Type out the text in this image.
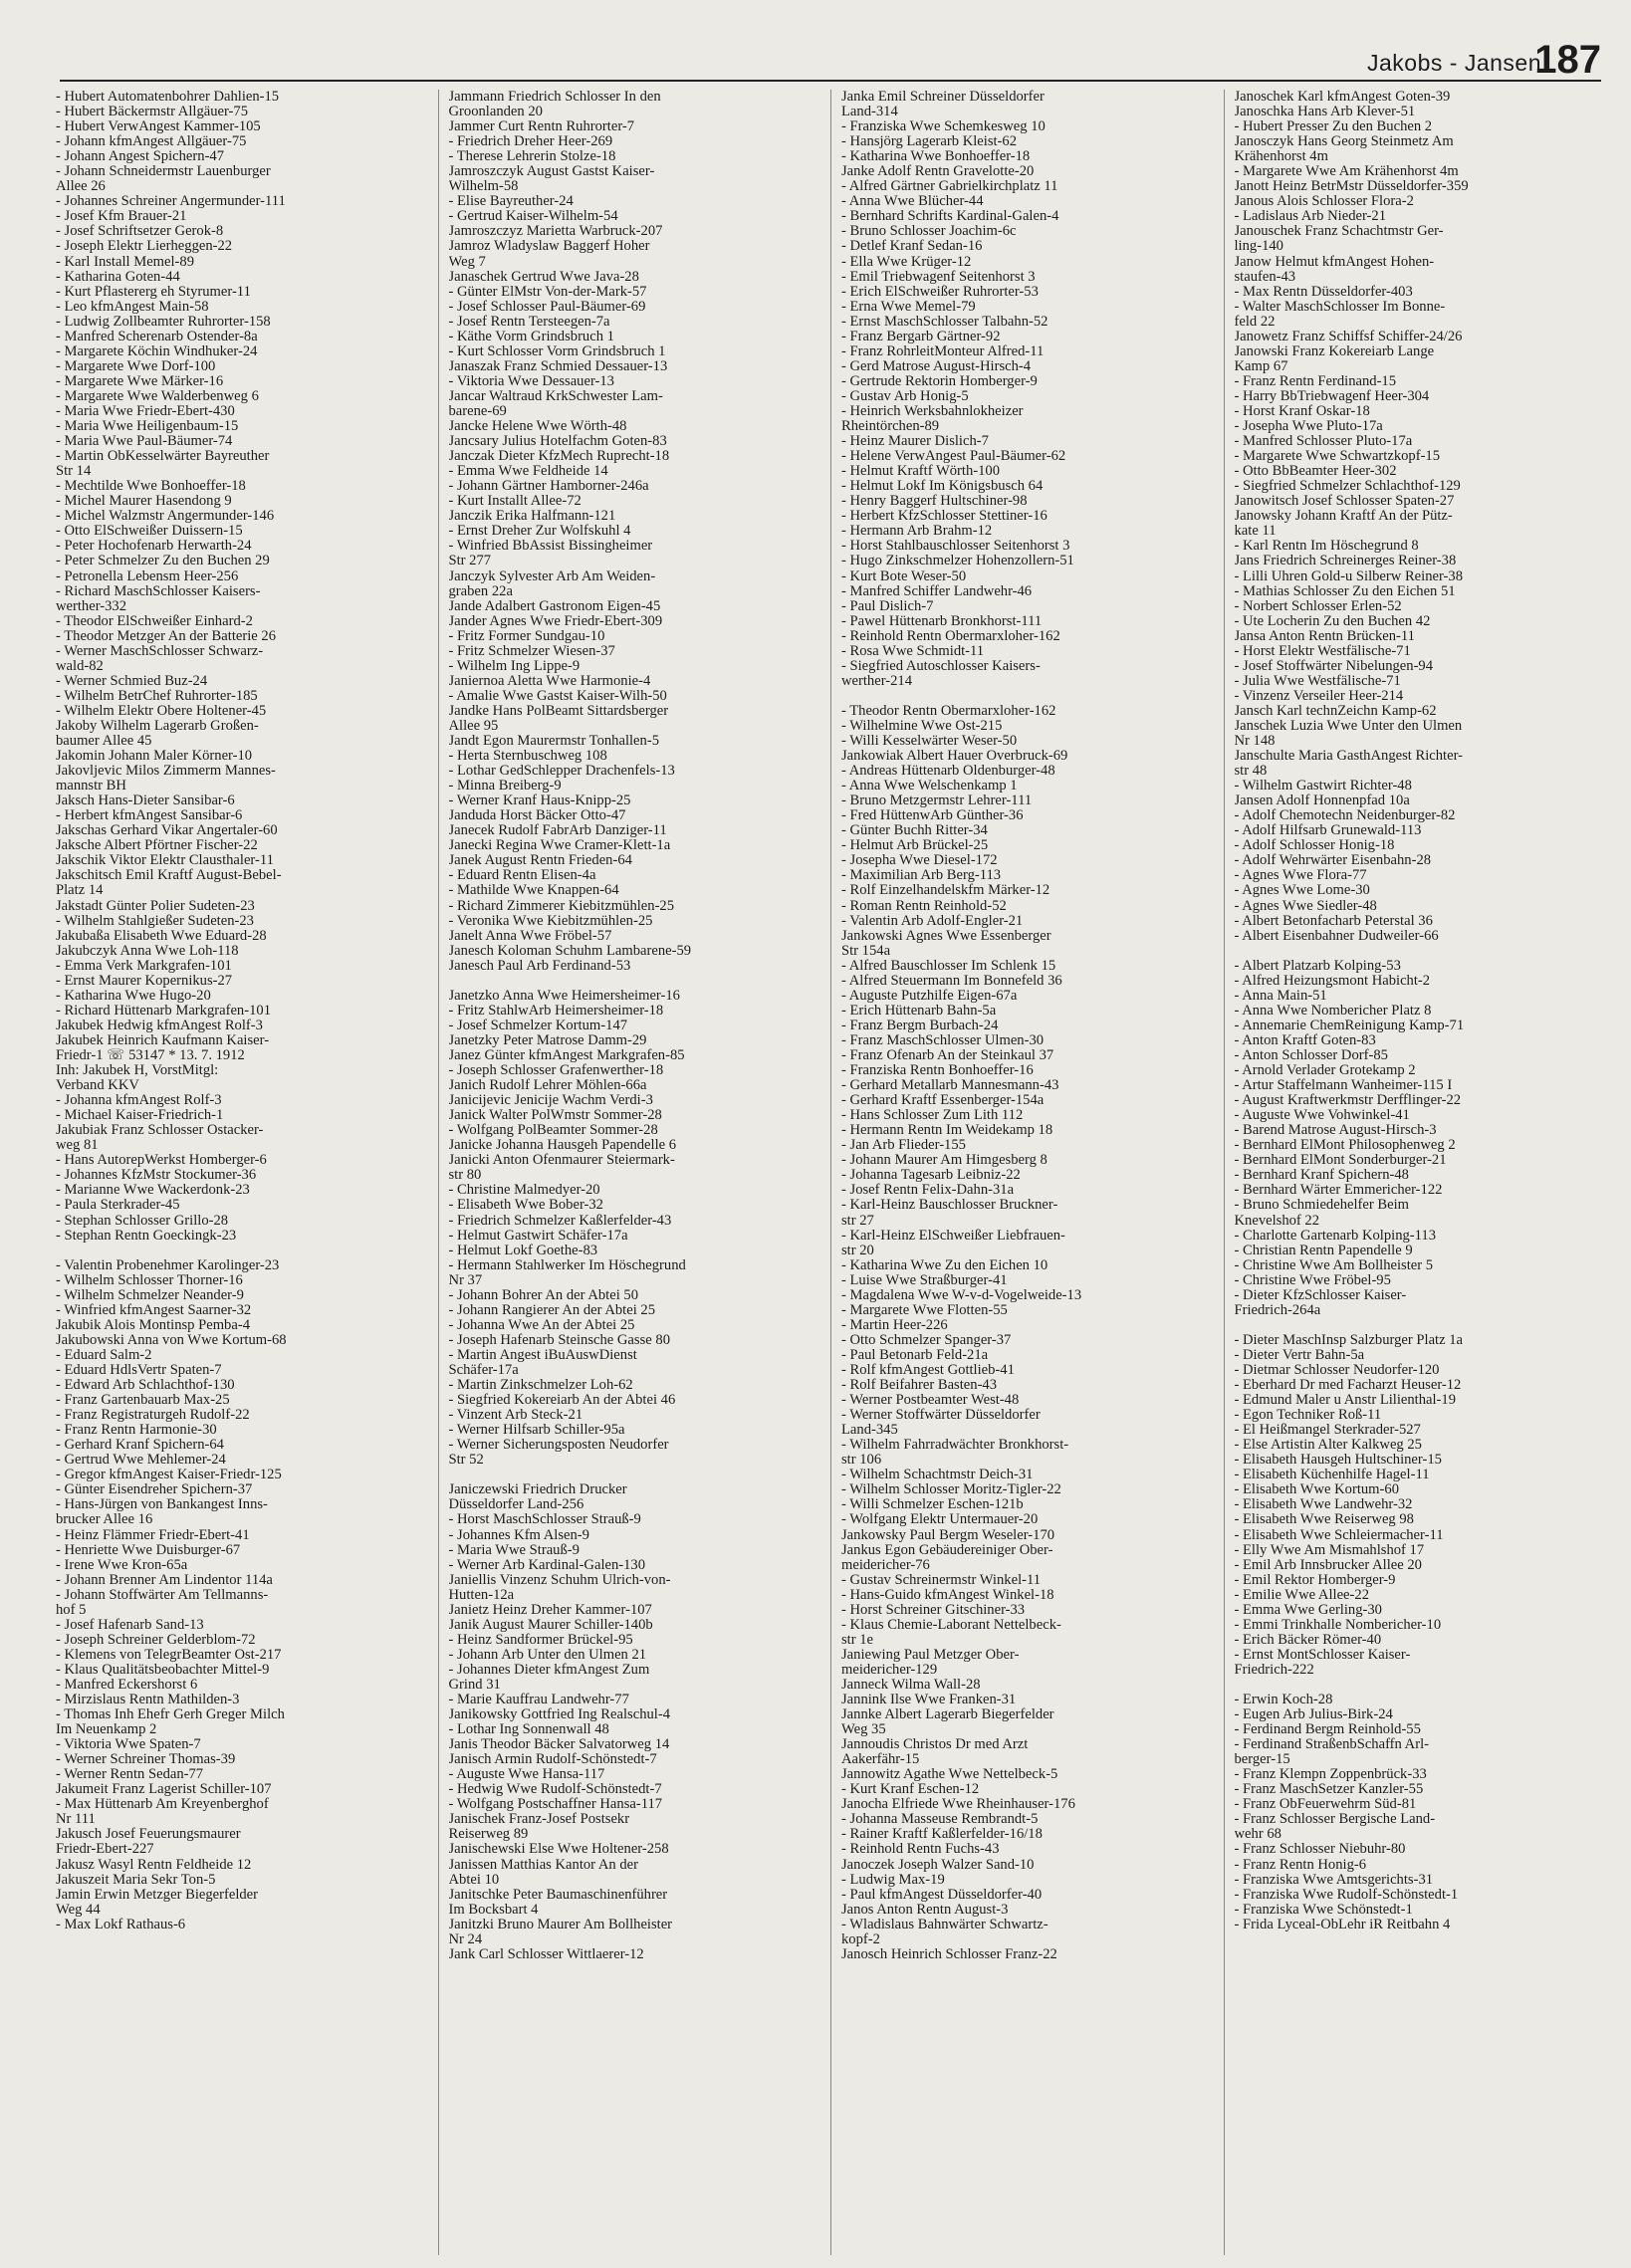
Jakobs - Jansen
187
- Hubert Automatenbohrer Dahlien-15
- Hubert Bäckermstr Allgäuer-75
- Hubert VerwAngest Kammer-105
- Johann kfmAngest Allgäuer-75
- Johann Angest Spichern-47
- Johann Schneidermstr Lauenburger
Allee 26
- Johannes Schreiner Angermunder-111
- Josef Kfm Brauer-21
- Josef Schriftsetzer Gerok-8
- Joseph Elektr Lierheggen-22
- Karl Install Memel-89
- Katharina Goten-44
- Kurt Pflastererg eh Styrumer-11
- Leo kfmAngest Main-58
- Ludwig Zollbeamter Ruhrorter-158
- Manfred Scherenarb Ostender-8a
- Margarete Köchin Windhuker-24
- Margarete Wwe Dorf-100
- Margarete Wwe Märker-16
- Margarete Wwe Walderbenweg 6
- Maria Wwe Friedr-Ebert-430
- Maria Wwe Heiligenbaum-15
- Maria Wwe Paul-Bäumer-74
- Martin ObKesselwärter Bayreuther
Str 14
- Mechtilde Wwe Bonhoeffer-18
- Michel Maurer Hasendong 9
- Michel Walzmstr Angermunder-146
- Otto ElSchweißer Duissern-15
- Peter Hochofenarb Herwarth-24
- Peter Schmelzer Zu den Buchen 29
- Petronella Lebensm Heer-256
- Richard MaschSchlosser Kaisers-
werther-332
- Theodor ElSchweißer Einhard-2
- Theodor Metzger An der Batterie 26
- Werner MaschSchlosser Schwarz-
wald-82
- Werner Schmied Buz-24
- Wilhelm BetrChef Ruhrorter-185
- Wilhelm Elektr Obere Holtener-45
Jakoby Wilhelm Lagerarb Großen-
baumer Allee 45
Jakomin Johann Maler Körner-10
Jakovljevic Milos Zimmerm Mannes-
mannstr BH
Jaksch Hans-Dieter Sansibar-6
- Herbert kfmAngest Sansibar-6
Jakschas Gerhard Vikar Angertaler-60
Jaksche Albert Pförtner Fischer-22
Jakschik Viktor Elektr Clausthaler-11
Jakschitsch Emil Kraftf August-Bebel-
Platz 14
Jakstadt Günter Polier Sudeten-23
- Wilhelm Stahlgießer Sudeten-23
Jakubaßa Elisabeth Wwe Eduard-28
Jakubczyk Anna Wwe Loh-118
- Emma Verk Markgrafen-101
- Ernst Maurer Kopernikus-27
- Katharina Wwe Hugo-20
- Richard Hüttenarb Markgrafen-101
Jakubek Hedwig kfmAngest Rolf-3
Jakubek Heinrich Kaufmann Kaiser-
Friedr-1 ☏ 53147 * 13. 7. 1912
Inh: Jakubek H, VorstMitgl:
Verband KKV
- Johanna kfmAngest Rolf-3
- Michael Kaiser-Friedrich-1
Jakubiak Franz Schlosser Ostacker-
weg 81
- Hans AutorepWerkst Homberger-6
- Johannes KfzMstr Stockumer-36
- Marianne Wwe Wackerdonk-23
- Paula Sterkrader-45
- Stephan Schlosser Grillo-28
- Stephan Rentn Goeckingk-23
- Valentin Probenehmer Karolinger-23
- Wilhelm Schlosser Thorner-16
- Wilhelm Schmelzer Neander-9
- Winfried kfmAngest Saarner-32
Jakubik Alois Montinsp Pemba-4
Jakubowski Anna von Wwe Kortum-68
- Eduard Salm-2
- Eduard HdlsVertr Spaten-7
- Edward Arb Schlachthof-130
- Franz Gartenbauarb Max-25
- Franz Registraturgeh Rudolf-22
- Franz Rentn Harmonie-30
- Gerhard Kranf Spichern-64
- Gertrud Wwe Mehlemer-24
- Gregor kfmAngest Kaiser-Friedr-125
- Günter Eisendreher Spichern-37
- Hans-Jürgen von Bankangest Inns-
brucker Allee 16
- Heinz Flämmer Friedr-Ebert-41
- Henriette Wwe Duisburger-67
- Irene Wwe Kron-65a
- Johann Brenner Am Lindentor 114a
- Johann Stoffwärter Am Tellmanns-
hof 5
- Josef Hafenarb Sand-13
- Joseph Schreiner Gelderblom-72
- Klemens von TelegrBeamter Ost-217
- Klaus Qualitätsbeobachter Mittel-9
- Manfred Eckershorst 6
- Mirzislaus Rentn Mathilden-3
- Thomas Inh Ehefr Gerh Greger Milch
Im Neuenkamp 2
- Viktoria Wwe Spaten-7
- Werner Schreiner Thomas-39
- Werner Rentn Sedan-77
Jakumeit Franz Lagerist Schiller-107
- Max Hüttenarb Am Kreyenberghof
Nr 111
Jakusch Josef Feuerungsmaurer
Friedr-Ebert-227
Jakusz Wasyl Rentn Feldheide 12
Jakuszeit Maria Sekr Ton-5
Jamin Erwin Metzger Biegerfelder
Weg 44
- Max Lokf Rathaus-6
Jammann Friedrich Schlosser In den
Groonlanden 20
Jammer Curt Rentn Ruhrorter-7
- Friedrich Dreher Heer-269
- Therese Lehrerin Stolze-18
Jamroszczyk August Gastst Kaiser-
Wilhelm-58
- Elise Bayreuther-24
- Gertrud Kaiser-Wilhelm-54
Jamroszczyz Marietta Warbruck-207
Jamroz Wladyslaw Baggerf Hoher
Weg 7
Janaschek Gertrud Wwe Java-28
- Günter ElMstr Von-der-Mark-57
- Josef Schlosser Paul-Bäumer-69
- Josef Rentn Tersteegen-7a
- Käthe Vorm Grindsbruch 1
- Kurt Schlosser Vorm Grindsbruch 1
Janaszak Franz Schmied Dessauer-13
- Viktoria Wwe Dessauer-13
Jancar Waltraud KrkSchwester Lam-
barene-69
Jancke Helene Wwe Wörth-48
Jancsary Julius Hotelfachm Goten-83
Janczak Dieter KfzMech Ruprecht-18
- Emma Wwe Feldheide 14
- Johann Gärtner Hamborner-246a
- Kurt Installt Allee-72
Janczik Erika Halfmann-121
- Ernst Dreher Zur Wolfskuhl 4
- Winfried BbAssist Bissingheimer
Str 277
Janczyk Sylvester Arb Am Weiden-
graben 22a
Jande Adalbert Gastronom Eigen-45
Jander Agnes Wwe Friedr-Ebert-309
- Fritz Former Sundgau-10
- Fritz Schmelzer Wiesen-37
- Wilhelm Ing Lippe-9
Janiernoa Aletta Wwe Harmonie-4
- Amalie Wwe Gastst Kaiser-Wilh-50
Jandke Hans PolBeamt Sittardsberger
Allee 95
Jandt Egon Maurermstr Tonhallen-5
- Herta Sternbuschweg 108
- Lothar GedSchlepper Drachenfels-13
- Minna Breiberg-9
- Werner Kranf Haus-Knipp-25
Janduda Horst Bäcker Otto-47
Janecek Rudolf FabrArb Danziger-11
Janecki Regina Wwe Cramer-Klett-1a
Janek August Rentn Frieden-64
- Eduard Rentn Elisen-4a
- Mathilde Wwe Knappen-64
- Richard Zimmerer Kiebitzmühlen-25
- Veronika Wwe Kiebitzmühlen-25
Janelt Anna Wwe Fröbel-57
Janesch Koloman Schuhm Lambarene-59
Janesch Paul Arb Ferdinand-53
Janetzko Anna Wwe Heimersheimer-16
- Fritz StahlwArb Heimersheimer-18
- Josef Schmelzer Kortum-147
Janetzky Peter Matrose Damm-29
Janez Günter kfmAngest Markgrafen-85
- Joseph Schlosser Grafenwerther-18
Janich Rudolf Lehrer Möhlen-66a
Janicijevic Jenicije Wachm Verdi-3
Janick Walter PolWmstr Sommer-28
- Wolfgang PolBeamter Sommer-28
Janicke Johanna Hausgeh Papendelle 6
Janicki Anton Ofenmaurer Steiermark-
str 80
- Christine Malmedyer-20
- Elisabeth Wwe Bober-32
- Friedrich Schmelzer Kaßlerfelder-43
- Helmut Gastwirt Schäfer-17a
- Helmut Lokf Goethe-83
- Hermann Stahlwerker Im Höschegrund
Nr 37
- Johann Bohrer An der Abtei 50
- Johann Rangierer An der Abtei 25
- Johanna Wwe An der Abtei 25
- Joseph Hafenarb Steinsche Gasse 80
- Martin Angest iBuAuswDienst
Schäfer-17a
- Martin Zinkschmelzer Loh-62
- Siegfried Kokereiarb An der Abtei 46
- Vinzent Arb Steck-21
- Werner Hilfsarb Schiller-95a
- Werner Sicherungsposten Neudorfer
Str 52
Janiczewski Friedrich Drucker
Düsseldorfer Land-256
- Horst MaschSchlosser Strauß-9
- Johannes Kfm Alsen-9
- Maria Wwe Strauß-9
- Werner Arb Kardinal-Galen-130
Janiellis Vinzenz Schuhm Ulrich-von-
Hutten-12a
Janietz Heinz Dreher Kammer-107
Janik August Maurer Schiller-140b
- Heinz Sandformer Brückel-95
- Johann Arb Unter den Ulmen 21
- Johannes Dieter kfmAngest Zum
Grind 31
- Marie Kauffrau Landwehr-77
Janikowsky Gottfried Ing Realschul-4
- Lothar Ing Sonnenwall 48
Janis Theodor Bäcker Salvatorweg 14
Janisch Armin Rudolf-Schönstedt-7
- Auguste Wwe Hansa-117
- Hedwig Wwe Rudolf-Schönstedt-7
- Wolfgang Postschaffner Hansa-117
Janischek Franz-Josef Postsekr
Reiserweg 89
Janischewski Else Wwe Holtener-258
Janissen Matthias Kantor An der
Abtei 10
Janitschke Peter Baumaschinenführer
Im Bocksbart 4
Janitzki Bruno Maurer Am Bollheister
Nr 24
Jank Carl Schlosser Wittlaerer-12
Janka Emil Schreiner Düsseldorfer
Land-314
- Franziska Wwe Schemkesweg 10
- Hansjörg Lagerarb Kleist-62
- Katharina Wwe Bonhoeffer-18
Janke Adolf Rentn Gravelotte-20
- Alfred Gärtner Gabrielkirchplatz 11
- Anna Wwe Blücher-44
- Bernhard Schrifts Kardinal-Galen-4
- Bruno Schlosser Joachim-6c
- Detlef Kranf Sedan-16
- Ella Wwe Krüger-12
- Emil Triebwagenf Seitenhorst 3
- Erich ElSchweißer Ruhrorter-53
- Erna Wwe Memel-79
- Ernst MaschSchlosser Talbahn-52
- Franz Bergarb Gärtner-92
- Franz RohrleitMonteur Alfred-11
- Gerd Matrose August-Hirsch-4
- Gertrude Rektorin Homberger-9
- Gustav Arb Honig-5
- Heinrich Werksbahnlokheizer
Rheintörchen-89
- Heinz Maurer Dislich-7
- Helene VerwAngest Paul-Bäumer-62
- Helmut Kraftf Wörth-100
- Helmut Lokf Im Königsbusch 64
- Henry Baggerf Hultschiner-98
- Herbert KfzSchlosser Stettiner-16
- Hermann Arb Brahm-12
- Horst Stahlbauschlosser Seitenhorst 3
- Hugo Zinkschmelzer Hohenzollern-51
- Kurt Bote Weser-50
- Manfred Schiffer Landwehr-46
- Paul Dislich-7
- Pawel Hüttenarb Bronkhorst-111
- Reinhold Rentn Obermarxloher-162
- Rosa Wwe Schmidt-11
- Siegfried Autoschlosser Kaisers-
werther-214
- Theodor Rentn Obermarxloher-162
- Wilhelmine Wwe Ost-215
- Willi Kesselwärter Weser-50
Jankowiak Albert Hauer Overbruck-69
- Andreas Hüttenarb Oldenburger-48
- Anna Wwe Welschenkamp 1
- Bruno Metzgermstr Lehrer-111
- Fred HüttenwArb Günther-36
- Günter Buchh Ritter-34
- Helmut Arb Brückel-25
- Josepha Wwe Diesel-172
- Maximilian Arb Berg-113
- Rolf Einzelhandelskfm Märker-12
- Roman Rentn Reinhold-52
- Valentin Arb Adolf-Engler-21
Jankowski Agnes Wwe Essenberger
Str 154a
- Alfred Bauschlosser Im Schlenk 15
- Alfred Steuermann Im Bonnefeld 36
- Auguste Putzhilfe Eigen-67a
- Erich Hüttenarb Bahn-5a
- Franz Bergm Burbach-24
- Franz MaschSchlosser Ulmen-30
- Franz Ofenarb An der Steinkaul 37
- Franziska Rentn Bonhoeffer-16
- Gerhard Metallarb Mannesmann-43
- Gerhard Kraftf Essenberger-154a
- Hans Schlosser Zum Lith 112
- Hermann Rentn Im Weidekamp 18
- Jan Arb Flieder-155
- Johann Maurer Am Himgesberg 8
- Johanna Tagesarb Leibniz-22
- Josef Rentn Felix-Dahn-31a
- Karl-Heinz Bauschlosser Bruckner-
str 27
- Karl-Heinz ElSchweißer Liebfrauen-
str 20
- Katharina Wwe Zu den Eichen 10
- Luise Wwe Straßburger-41
- Magdalena Wwe W-v-d-Vogelweide-13
- Margarete Wwe Flotten-55
- Martin Heer-226
- Otto Schmelzer Spanger-37
- Paul Betonarb Feld-21a
- Rolf kfmAngest Gottlieb-41
- Rolf Beifahrer Basten-43
- Werner Postbeamter West-48
- Werner Stoffwärter Düsseldorfer
Land-345
- Wilhelm Fahrradwächter Bronkhorst-
str 106
- Wilhelm Schachtmstr Deich-31
- Wilhelm Schlosser Moritz-Tigler-22
- Willi Schmelzer Eschen-121b
- Wolfgang Elektr Untermauer-20
Jankowsky Paul Bergm Weseler-170
Jankus Egon Gebäudereiniger Ober-
meidericher-76
- Gustav Schreinermstr Winkel-11
- Hans-Guido kfmAngest Winkel-18
- Horst Schreiner Gitschiner-33
- Klaus Chemie-Laborant Nettelbeck-
str 1e
Janiewing Paul Metzger Ober-
meidericher-129
Janneck Wilma Wall-28
Jannink Ilse Wwe Franken-31
Jannke Albert Lagerarb Biegerfelder
Weg 35
Jannoudis Christos Dr med Arzt
Aakerfähr-15
Jannowitz Agathe Wwe Nettelbeck-5
- Kurt Kranf Eschen-12
Janocha Elfriede Wwe Rheinhauser-176
- Johanna Masseuse Rembrandt-5
- Rainer Kraftf Kaßlerfelder-16/18
- Reinhold Rentn Fuchs-43
Janoczek Joseph Walzer Sand-10
- Ludwig Max-19
- Paul kfmAngest Düsseldorfer-40
Janos Anton Rentn August-3
- Wladislaus Bahnwärter Schwartz-
kopf-2
Janosch Heinrich Schlosser Franz-22
Janoschek Karl kfmAngest Goten-39
Janoschka Hans Arb Klever-51
- Hubert Presser Zu den Buchen 2
Janosczyk Hans Georg Steinmetz Am
Krähenhorst 4m
- Margarete Wwe Am Krähenhorst 4m
Janott Heinz BetrMstr Düsseldorfer-359
Janous Alois Schlosser Flora-2
- Ladislaus Arb Nieder-21
Janouschek Franz Schachtmstr Ger-
ling-140
Janow Helmut kfmAngest Hohen-
staufen-43
- Max Rentn Düsseldorfer-403
- Walter MaschSchlosser Im Bonne-
feld 22
Janowetz Franz Schiffsf Schiffer-24/26
Janowski Franz Kokereiarb Lange
Kamp 67
- Franz Rentn Ferdinand-15
- Harry BbTriebwagenf Heer-304
- Horst Kranf Oskar-18
- Josepha Wwe Pluto-17a
- Manfred Schlosser Pluto-17a
- Margarete Wwe Schwartzkopf-15
- Otto BbBeamter Heer-302
- Siegfried Schmelzer Schlachthof-129
Janowitsch Josef Schlosser Spaten-27
Janowsky Johann Kraftf An der Pütz-
kate 11
- Karl Rentn Im Höschegrund 8
Jans Friedrich Schreinerges Reiner-38
- Lilli Uhren Gold-u Silberw Reiner-38
- Mathias Schlosser Zu den Eichen 51
- Norbert Schlosser Erlen-52
- Ute Locherin Zu den Buchen 42
Jansa Anton Rentn Brücken-11
- Horst Elektr Westfälische-71
- Josef Stoffwärter Nibelungen-94
- Julia Wwe Westfälische-71
- Vinzenz Verseiler Heer-214
Jansch Karl technZeichn Kamp-62
Janschek Luzia Wwe Unter den Ulmen
Nr 148
Janschulte Maria GasthAngest Richter-
str 48
- Wilhelm Gastwirt Richter-48
Jansen Adolf Honnenpfad 10a
- Adolf Chemotechn Neidenburger-82
- Adolf Hilfsarb Grunewald-113
- Adolf Schlosser Honig-18
- Adolf Wehrwärter Eisenbahn-28
- Agnes Wwe Flora-77
- Agnes Wwe Lome-30
- Agnes Wwe Siedler-48
- Albert Betonfacharb Peterstal 36
- Albert Eisenbahner Dudweiler-66
- Albert Platzarb Kolping-53
- Alfred Heizungsmont Habicht-2
- Anna Main-51
- Anna Wwe Nombericher Platz 8
- Annemarie ChemReinigung Kamp-71
- Anton Kraftf Goten-83
- Anton Schlosser Dorf-85
- Arnold Verlader Grotekamp 2
- Artur Staffelmann Wanheimer-115 I
- August Kraftwerkmstr Derfflinger-22
- Auguste Wwe Vohwinkel-41
- Barend Matrose August-Hirsch-3
- Bernhard ElMont Philosophenweg 2
- Bernhard ElMont Sonderburger-21
- Bernhard Kranf Spichern-48
- Bernhard Wärter Emmericher-122
- Bruno Schmiedehelfer Beim
Knevelshof 22
- Charlotte Gartenarb Kolping-113
- Christian Rentn Papendelle 9
- Christine Wwe Am Bollheister 5
- Christine Wwe Fröbel-95
- Dieter KfzSchlosser Kaiser-
Friedrich-264a
- Dieter MaschInsp Salzburger Platz 1a
- Dieter Vertr Bahn-5a
- Dietmar Schlosser Neudorfer-120
- Eberhard Dr med Facharzt Heuser-12
- Edmund Maler u Anstr Lilienthal-19
- Egon Techniker Roß-11
- El Heißmangel Sterkrader-527
- Else Artistin Alter Kalkweg 25
- Elisabeth Hausgeh Hultschiner-15
- Elisabeth Küchenhilfe Hagel-11
- Elisabeth Wwe Kortum-60
- Elisabeth Wwe Landwehr-32
- Elisabeth Wwe Reiserweg 98
- Elisabeth Wwe Schleiermacher-11
- Elly Wwe Am Mismahlshof 17
- Emil Arb Innsbrucker Allee 20
- Emil Rektor Homberger-9
- Emilie Wwe Allee-22
- Emma Wwe Gerling-30
- Emmi Trinkhalle Nombericher-10
- Erich Bäcker Römer-40
- Ernst MontSchlosser Kaiser-
Friedrich-222
- Erwin Koch-28
- Eugen Arb Julius-Birk-24
- Ferdinand Bergm Reinhold-55
- Ferdinand StraßenbSchaffn Arl-
berger-15
- Franz Klempn Zoppenbrück-33
- Franz MaschSetzer Kanzler-55
- Franz ObFeuerwehrm Süd-81
- Franz Schlosser Bergische Land-
wehr 68
- Franz Schlosser Niebuhr-80
- Franz Rentn Honig-6
- Franziska Wwe Amtsgerichts-31
- Franziska Wwe Rudolf-Schönstedt-1
- Franziska Wwe Schönstedt-1
- Frida Lyceal-ObLehr iR Reitbahn 4
